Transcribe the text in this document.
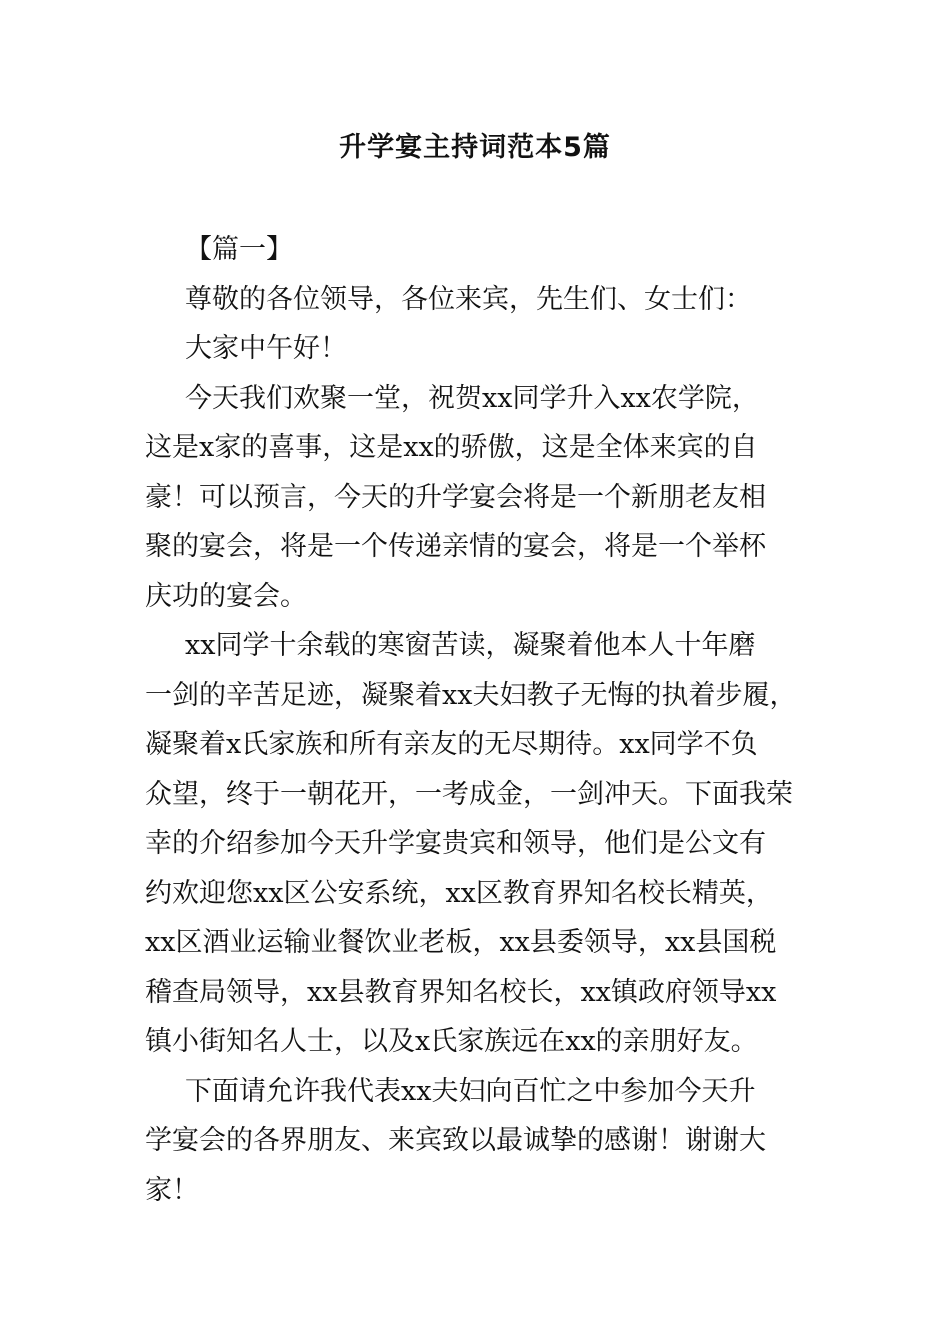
升学宴主持词范本5篇
【篇一】
尊敬的各位领导，各位来宾，先生们、女士们：
大家中午好！
今天我们欢聚一堂，祝贺xx同学升入xx农学院，
这是x家的喜事，这是xx的骄傲，这是全体来宾的自
豪！可以预言，今天的升学宴会将是一个新朋老友相
聚的宴会，将是一个传递亲情的宴会，将是一个举杯
庆功的宴会。
xx同学十余载的寒窗苦读，凝聚着他本人十年磨
一剑的辛苦足迹，凝聚着xx夫妇教子无悔的执着步履，
凝聚着x氏家族和所有亲友的无尽期待。xx同学不负
众望，终于一朝花开，一考成金，一剑冲天。下面我荣
幸的介绍参加今天升学宴贵宾和领导，他们是公文有
约欢迎您xx区公安系统，xx区教育界知名校长精英，
xx区酒业运输业餐饮业老板，xx县委领导，xx县国税
稽查局领导，xx县教育界知名校长，xx镇政府领导xx
镇小街知名人士，以及x氏家族远在xx的亲朋好友。
下面请允许我代表xx夫妇向百忙之中参加今天升
学宴会的各界朋友、来宾致以最诚挚的感谢！谢谢大
家！
